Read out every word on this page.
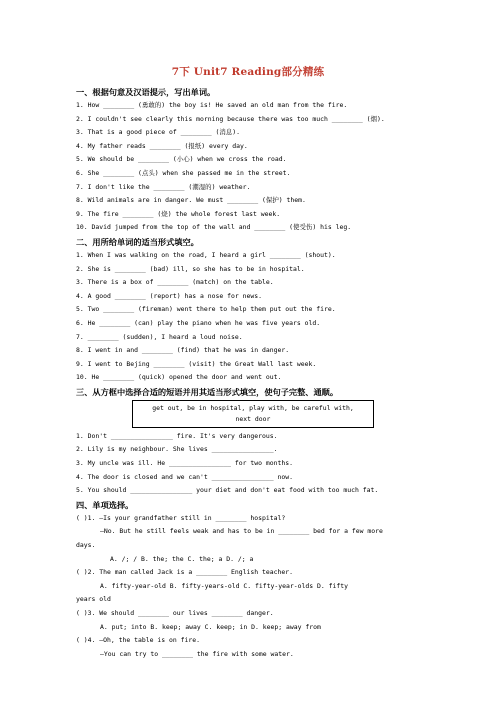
7下 Unit7 Reading部分精练
一、根据句意及汉语提示，写出单词。
1. How ________ (勇敢的) the boy is! He saved an old man from the fire.
2. I couldn't see clearly this morning because there was too much ________ (烟).
3. That is a good piece of ________ (消息).
4. My father reads ________ (报纸) every day.
5. We should be ________ (小心) when we cross the road.
6. She ________ (点头) when she passed me in the street.
7. I don't like the ________ (潮湿的) weather.
8. Wild animals are in danger. We must ________ (保护) them.
9. The fire ________ (烧) the whole forest last week.
10. David jumped from the top of the wall and ________ (使受伤) his leg.
二、用所给单词的适当形式填空。
1. When I was walking on the road, I heard a girl ________ (shout).
2. She is ________ (bad) ill, so she has to be in hospital.
3. There is a box of ________ (match) on the table.
4. A good ________ (report) has a nose for news.
5. Two ________ (fireman) went there to help them put out the fire.
6. He ________ (can) play the piano when he was five years old.
7. ________ (sudden), I heard a loud noise.
8. I went in and ________ (find) that he was in danger.
9. I went to Bejing ________ (visit) the Great Wall last week.
10. He ________ (quick) opened the door and went out.
三、从方框中选择合适的短语并用其适当形式填空，使句子完整、通顺。
get out, be in hospital, play with, be careful with,
next door
1. Don't ________________ fire. It's very dangerous.
2. Lily is my neighbour. She lives ________________.
3. My uncle was ill. He ________________ for two months.
4. The door is closed and we can't ________________ now.
5. You should ________________ your diet and don't eat food with too much fat.
四、单项选择。
( )1. —Is your grandfather still in ________ hospital?
—No. But he still feels weak and has to be in ________ bed for a few more
days.
A. /; / B. the; the C. the; a D. /; a
( )2. The man called Jack is a ________ English teacher.
A. fifty-year-old B. fifty-years-old C. fifty-year-olds D. fifty
years old
( )3. We should ________ our lives ________ danger.
A. put; into B. keep; away C. keep; in D. keep; away from
( )4. —Oh, the table is on fire.
—You can try to ________ the fire with some water.
